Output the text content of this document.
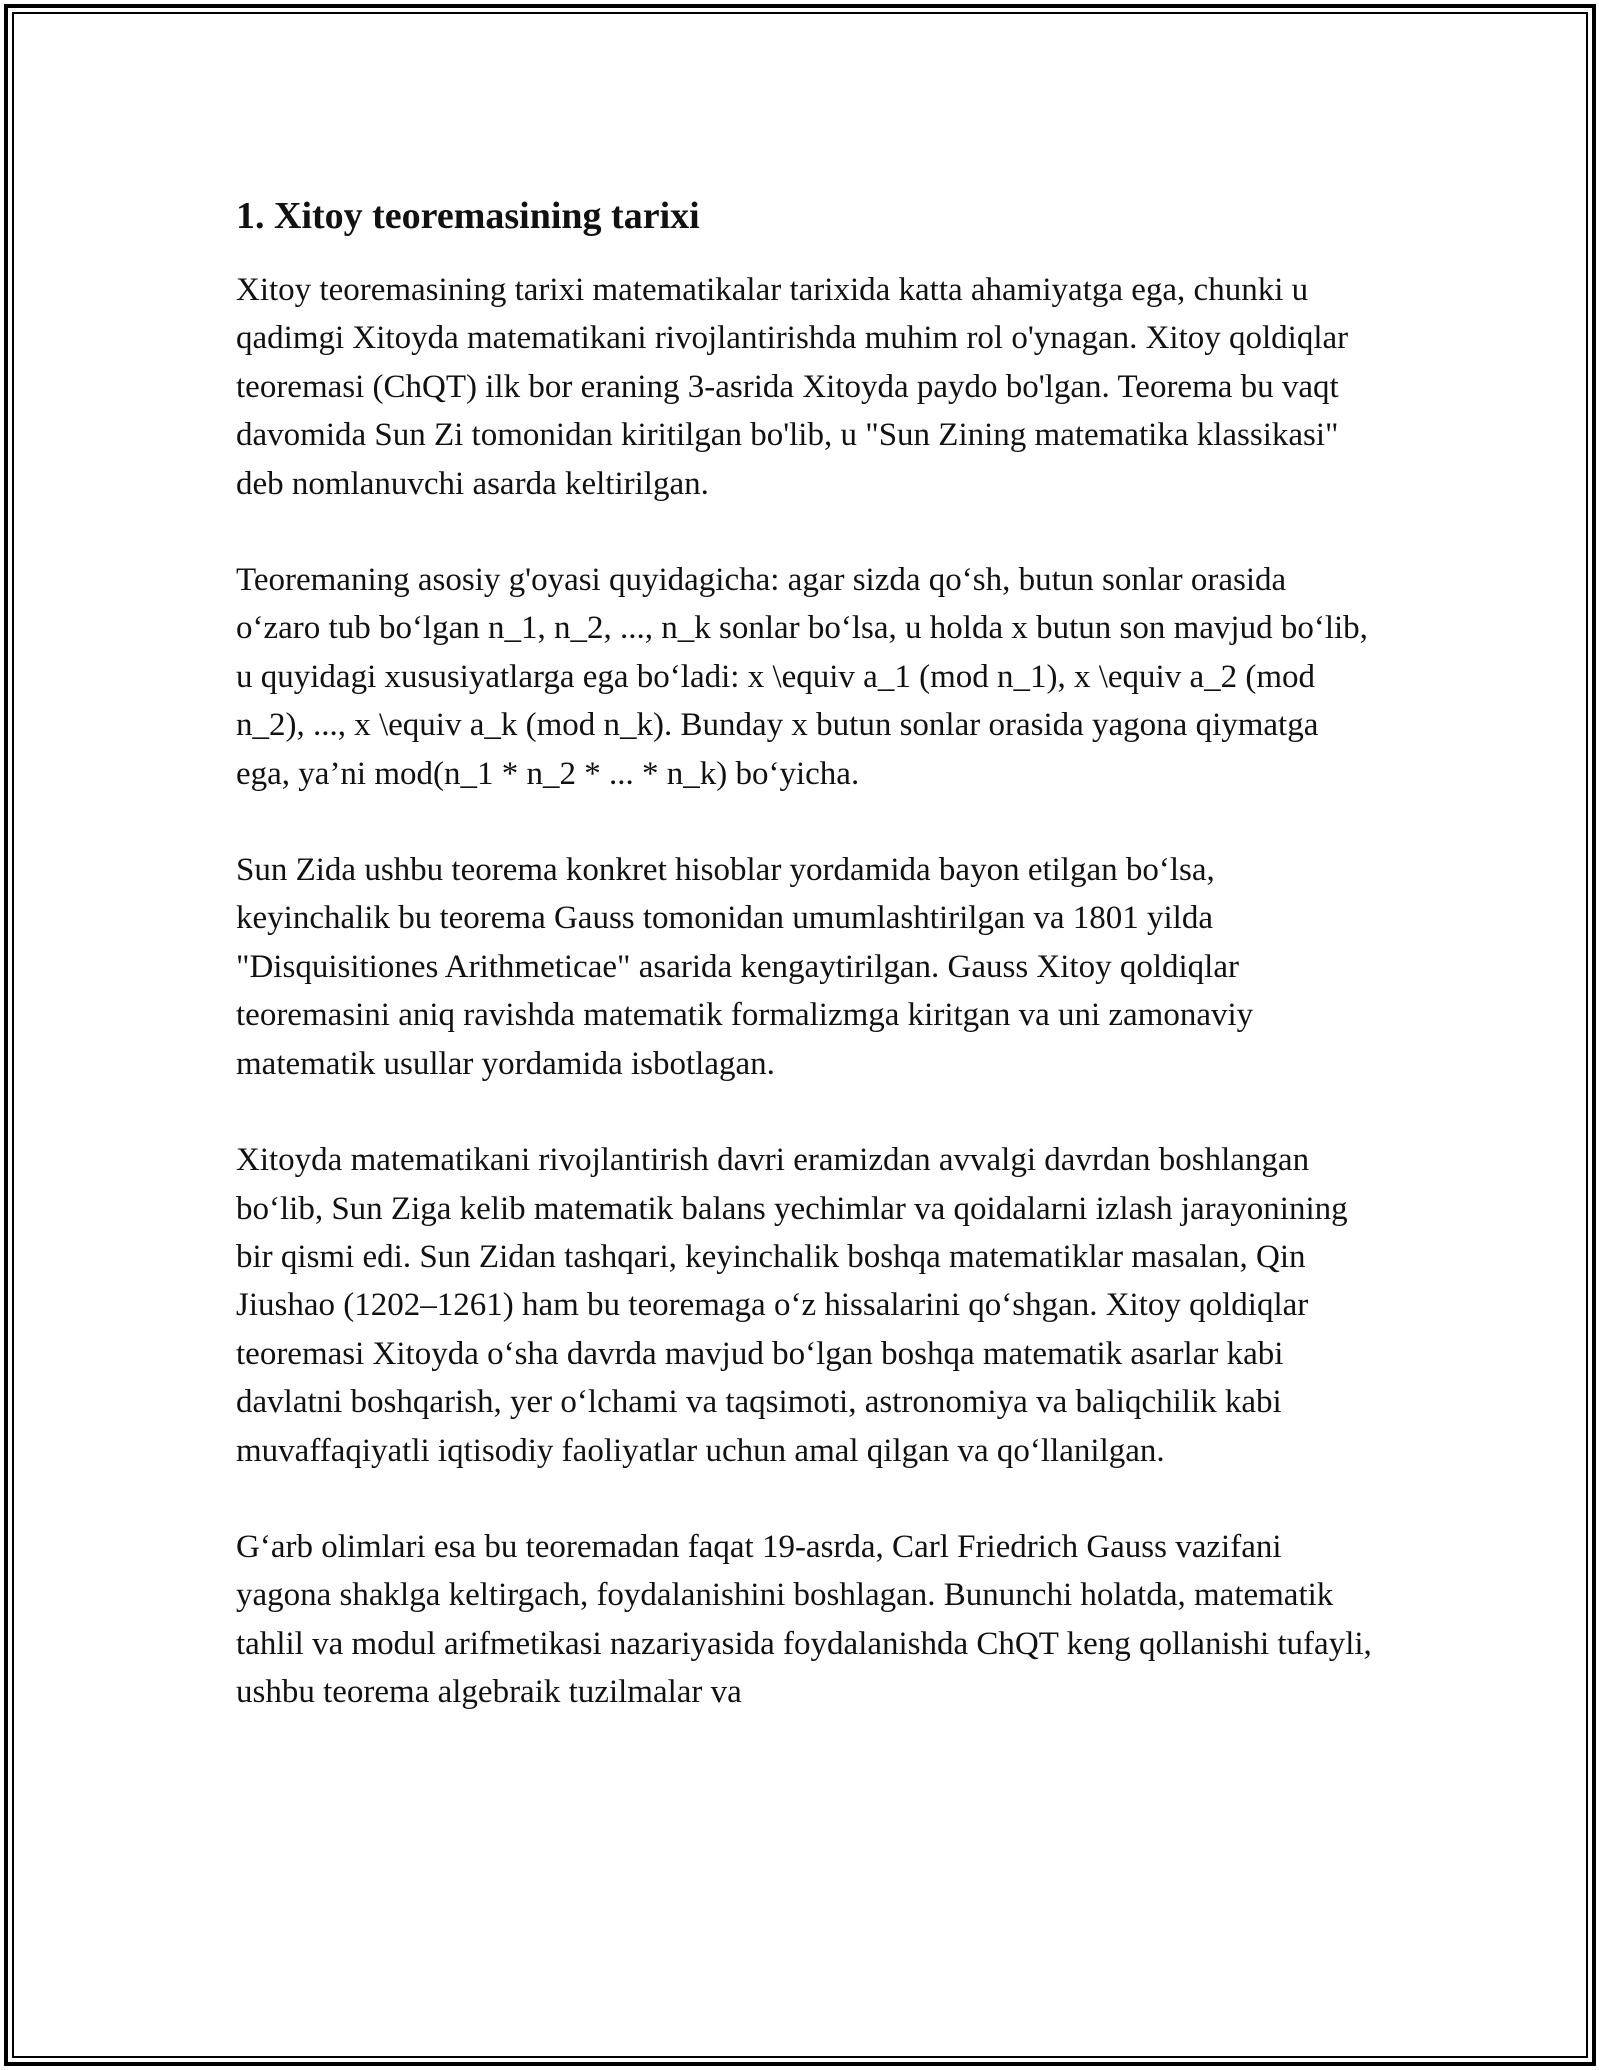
1. Xitoy teoremasining tarixi

Xitoy teoremasining tarixi matematikalar tarixida katta ahamiyatga ega, chunki u qadimgi Xitoyda matematikani rivojlantirishda muhim rol o'ynagan. Xitoy qoldiqlar teoremasi (ChQT) ilk bor eraning 3-asrida Xitoyda paydo bo'lgan. Teorema bu vaqt davomida Sun Zi tomonidan kiritilgan bo'lib, u "Sun Zining matematika klassikasi" deb nomlanuvchi asarda keltirilgan.

Teoremaning asosiy g'oyasi quyidagicha: agar sizda qo‘sh, butun sonlar orasida o‘zaro tub bo‘lgan n_1, n_2, ..., n_k sonlar bo‘lsa, u holda x butun son mavjud bo‘lib, u quyidagi xususiyatlarga ega bo‘ladi: x \equiv a_1 (mod n_1), x \equiv a_2 (mod n_2), ..., x \equiv a_k (mod n_k). Bunday x butun sonlar orasida yagona qiymatga ega, ya’ni mod(n_1 * n_2 * ... * n_k) bo‘yicha.

Sun Zida ushbu teorema konkret hisoblar yordamida bayon etilgan bo‘lsa, keyinchalik bu teorema Gauss tomonidan umumlashtirilgan va 1801 yilda "Disquisitiones Arithmeticae" asarida kengaytirilgan. Gauss Xitoy qoldiqlar teoremasini aniq ravishda matematik formalizmga kiritgan va uni zamonaviy matematik usullar yordamida isbotlagan.

Xitoyda matematikani rivojlantirish davri eramizdan avvalgi davrdan boshlangan bo‘lib, Sun Ziga kelib matematik balans yechimlar va qoidalarni izlash jarayonining bir qismi edi. Sun Zidan tashqari, keyinchalik boshqa matematiklar masalan, Qin Jiushao (1202–1261) ham bu teoremaga o‘z hissalarini qo‘shgan. Xitoy qoldiqlar teoremasi Xitoyda o‘sha davrda mavjud bo‘lgan boshqa matematik asarlar kabi davlatni boshqarish, yer o‘lchami va taqsimoti, astronomiya va baliqchilik kabi muvaffaqiyatli iqtisodiy faoliyatlar uchun amal qilgan va qo‘llanilgan.

G‘arb olimlari esa bu teoremadan faqat 19-asrda, Carl Friedrich Gauss vazifani yagona shaklga keltirgach, foydalanishini boshlagan. Bununchi holatda, matematik tahlil va modul arifmetikasi nazariyasida foydalanishda ChQT keng qollanishi tufayli, ushbu teorema algebraik tuzilmalar va
